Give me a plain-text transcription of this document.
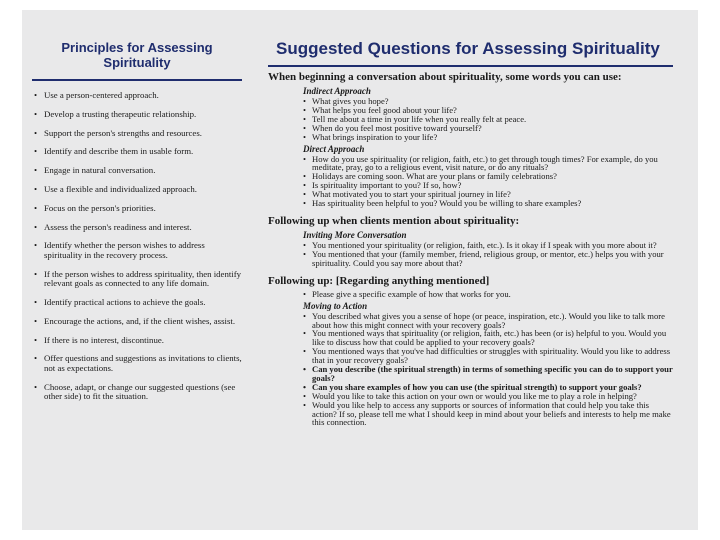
Principles for Assessing
Spirituality
• Use a person-centered approach.
• Develop a trusting therapeutic relationship.
• Support the person's strengths and resources.
• Identify and describe them in usable form.
• Engage in natural conversation.
• Use a flexible and individualized approach.
• Focus on the person's priorities.
• Assess the person's readiness and interest.
• Identify whether the person wishes to address spirituality in the recovery process.
• If the person wishes to address spirituality, then identify relevant goals as connected to any life domain.
• Identify practical actions to achieve the goals.
• Encourage the actions, and, if the client wishes, assist.
• If there is no interest, discontinue.
• Offer questions and suggestions as invitations to clients, not as expectations.
• Choose, adapt, or change our suggested questions (see other side) to fit the situation.
Suggested Questions for Assessing Spirituality
When beginning a conversation about spirituality, some words you can use:
Indirect Approach
• What gives you hope?
• What helps you feel good about your life?
• Tell me about a time in your life when you really felt at peace.
• When do you feel most positive toward yourself?
• What brings inspiration to your life?
Direct Approach
• How do you use spirituality (or religion, faith, etc.) to get through tough times? For example, do you meditate, pray, go to a religious event, visit nature, or do any rituals?
• Holidays are coming soon. What are your plans or family celebrations?
• Is spirituality important to you? If so, how?
• What motivated you to start your spiritual journey in life?
• Has spirituality been helpful to you? Would you be willing to share examples?
Following up when clients mention about spirituality:
Inviting More Conversation
• You mentioned your spirituality (or religion, faith, etc.). Is it okay if I speak with you more about it?
• You mentioned that your (family member, friend, religious group, or mentor, etc.) helps you with your spirituality. Could you say more about that?
Following up: [Regarding anything mentioned]
• Please give a specific example of how that works for you.
Moving to Action
• You described what gives you a sense of hope (or peace, inspiration, etc.). Would you like to talk more about how this might connect with your recovery goals?
• You mentioned ways that spirituality (or religion, faith, etc.) has been (or is) helpful to you. Would you like to discuss how that could be applied to your recovery goals?
• You mentioned ways that you've had difficulties or struggles with spirituality. Would you like to address that in your recovery goals?
• Can you describe (the spiritual strength) in terms of something specific you can do to support your goals?
• Can you share examples of how you can use (the spiritual strength) to support your goals?
• Would you like to take this action on your own or would you like me to play a role in helping?
• Would you like help to access any supports or sources of information that could help you take this action? If so, please tell me what I should keep in mind about your beliefs and interests to help me make this connection.
